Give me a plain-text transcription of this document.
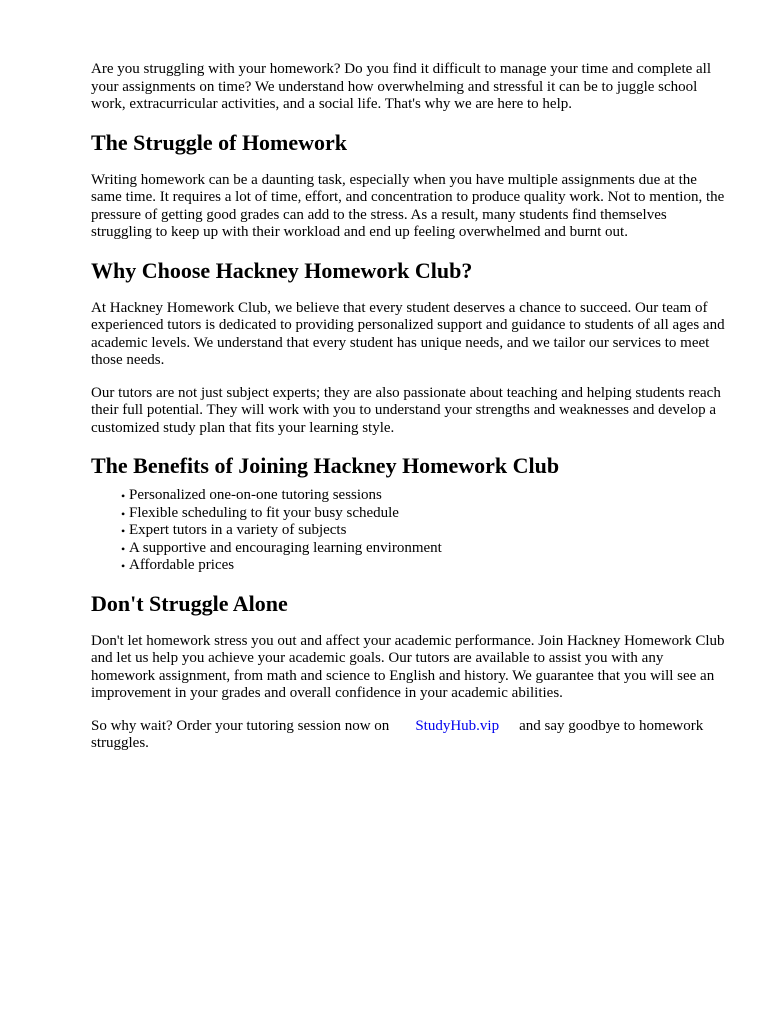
Are you struggling with your homework? Do you find it difficult to manage your time and complete all your assignments on time? We understand how overwhelming and stressful it can be to juggle school work, extracurricular activities, and a social life. That's why we are here to help.

The Struggle of Homework

Writing homework can be a daunting task, especially when you have multiple assignments due at the same time. It requires a lot of time, effort, and concentration to produce quality work. Not to mention, the pressure of getting good grades can add to the stress. As a result, many students find themselves struggling to keep up with their workload and end up feeling overwhelmed and burnt out.

Why Choose Hackney Homework Club?

At Hackney Homework Club, we believe that every student deserves a chance to succeed. Our team of experienced tutors is dedicated to providing personalized support and guidance to students of all ages and academic levels. We understand that every student has unique needs, and we tailor our services to meet those needs.

Our tutors are not just subject experts; they are also passionate about teaching and helping students reach their full potential. They will work with you to understand your strengths and weaknesses and develop a customized study plan that fits your learning style.

The Benefits of Joining Hackney Homework Club
• Personalized one-on-one tutoring sessions
• Flexible scheduling to fit your busy schedule
• Expert tutors in a variety of subjects
• A supportive and encouraging learning environment
• Affordable prices
Don't Struggle Alone

Don't let homework stress you out and affect your academic performance. Join Hackney Homework Club and let us help you achieve your academic goals. Our tutors are available to assist you with any homework assignment, from math and science to English and history. We guarantee that you will see an improvement in your grades and overall confidence in your academic abilities.

So why wait? Order your tutoring session now on StudyHub.vip and say goodbye to homework struggles.
